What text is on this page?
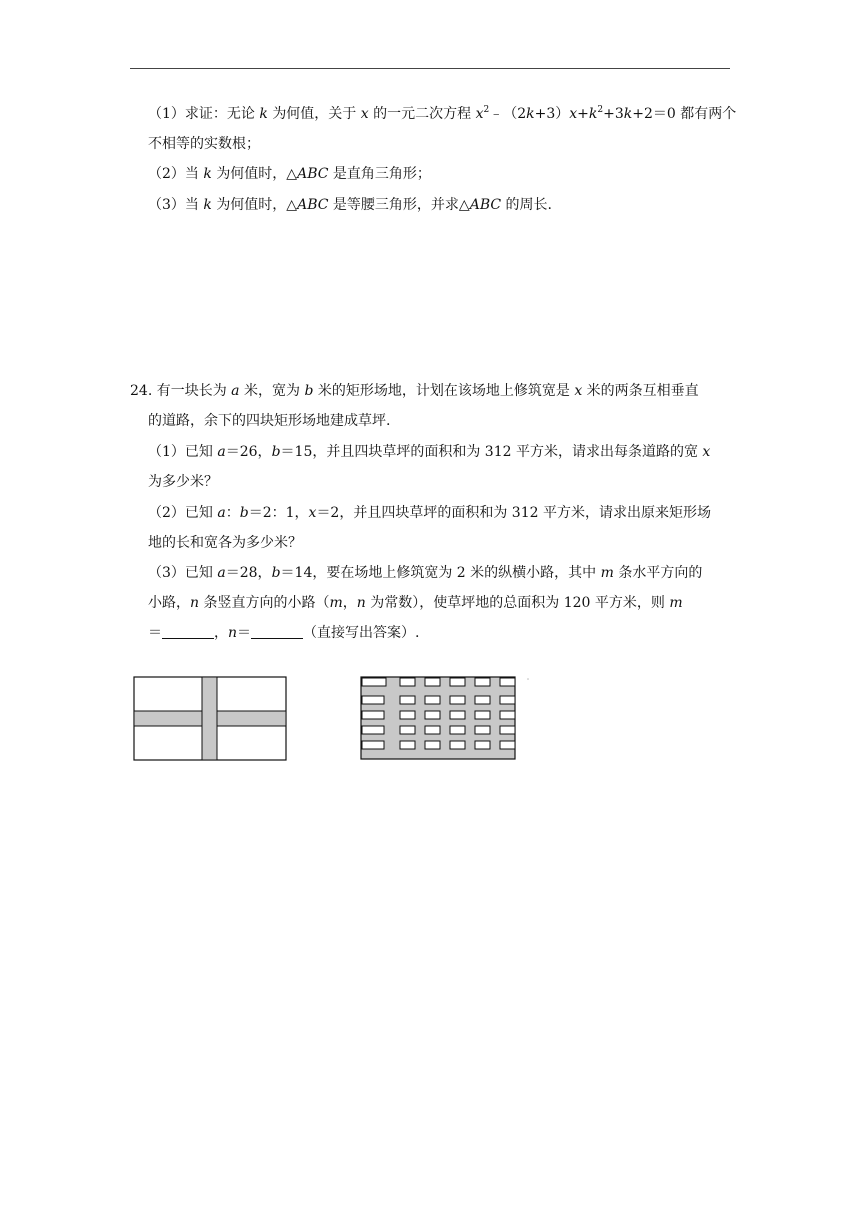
（1）求证：无论 k 为何值，关于 x 的一元二次方程 $x^2﹣(2k+3)x+k^2+3k+2=0$ 都有两个
不相等的实数根；
（2）当 k 为何值时，△ABC 是直角三角形；
（3）当 k 为何值时，△ABC 是等腰三角形，并求△ABC 的周长.
24. 有一块长为 a 米，宽为 b 米的矩形场地，计划在该场地上修筑宽是 x 米的两条互相垂直
的道路，余下的四块矩形场地建成草坪.
（1）已知 a＝26，b＝15，并且四块草坪的面积和为 312 平方米，请求出每条道路的宽 x
为多少米？
（2）已知 a：b＝2：1，x＝2，并且四块草坪的面积和为 312 平方米，请求出原来矩形场
地的长和宽各为多少米？
（3）已知 a＝28，b＝14，要在场地上修筑宽为 2 米的纵横小路，其中 m 条水平方向的
小路，n 条竖直方向的小路（m，n 为常数），使草坪地的总面积为 120 平方米，则 m
＝	，n＝	（直接写出答案）.
